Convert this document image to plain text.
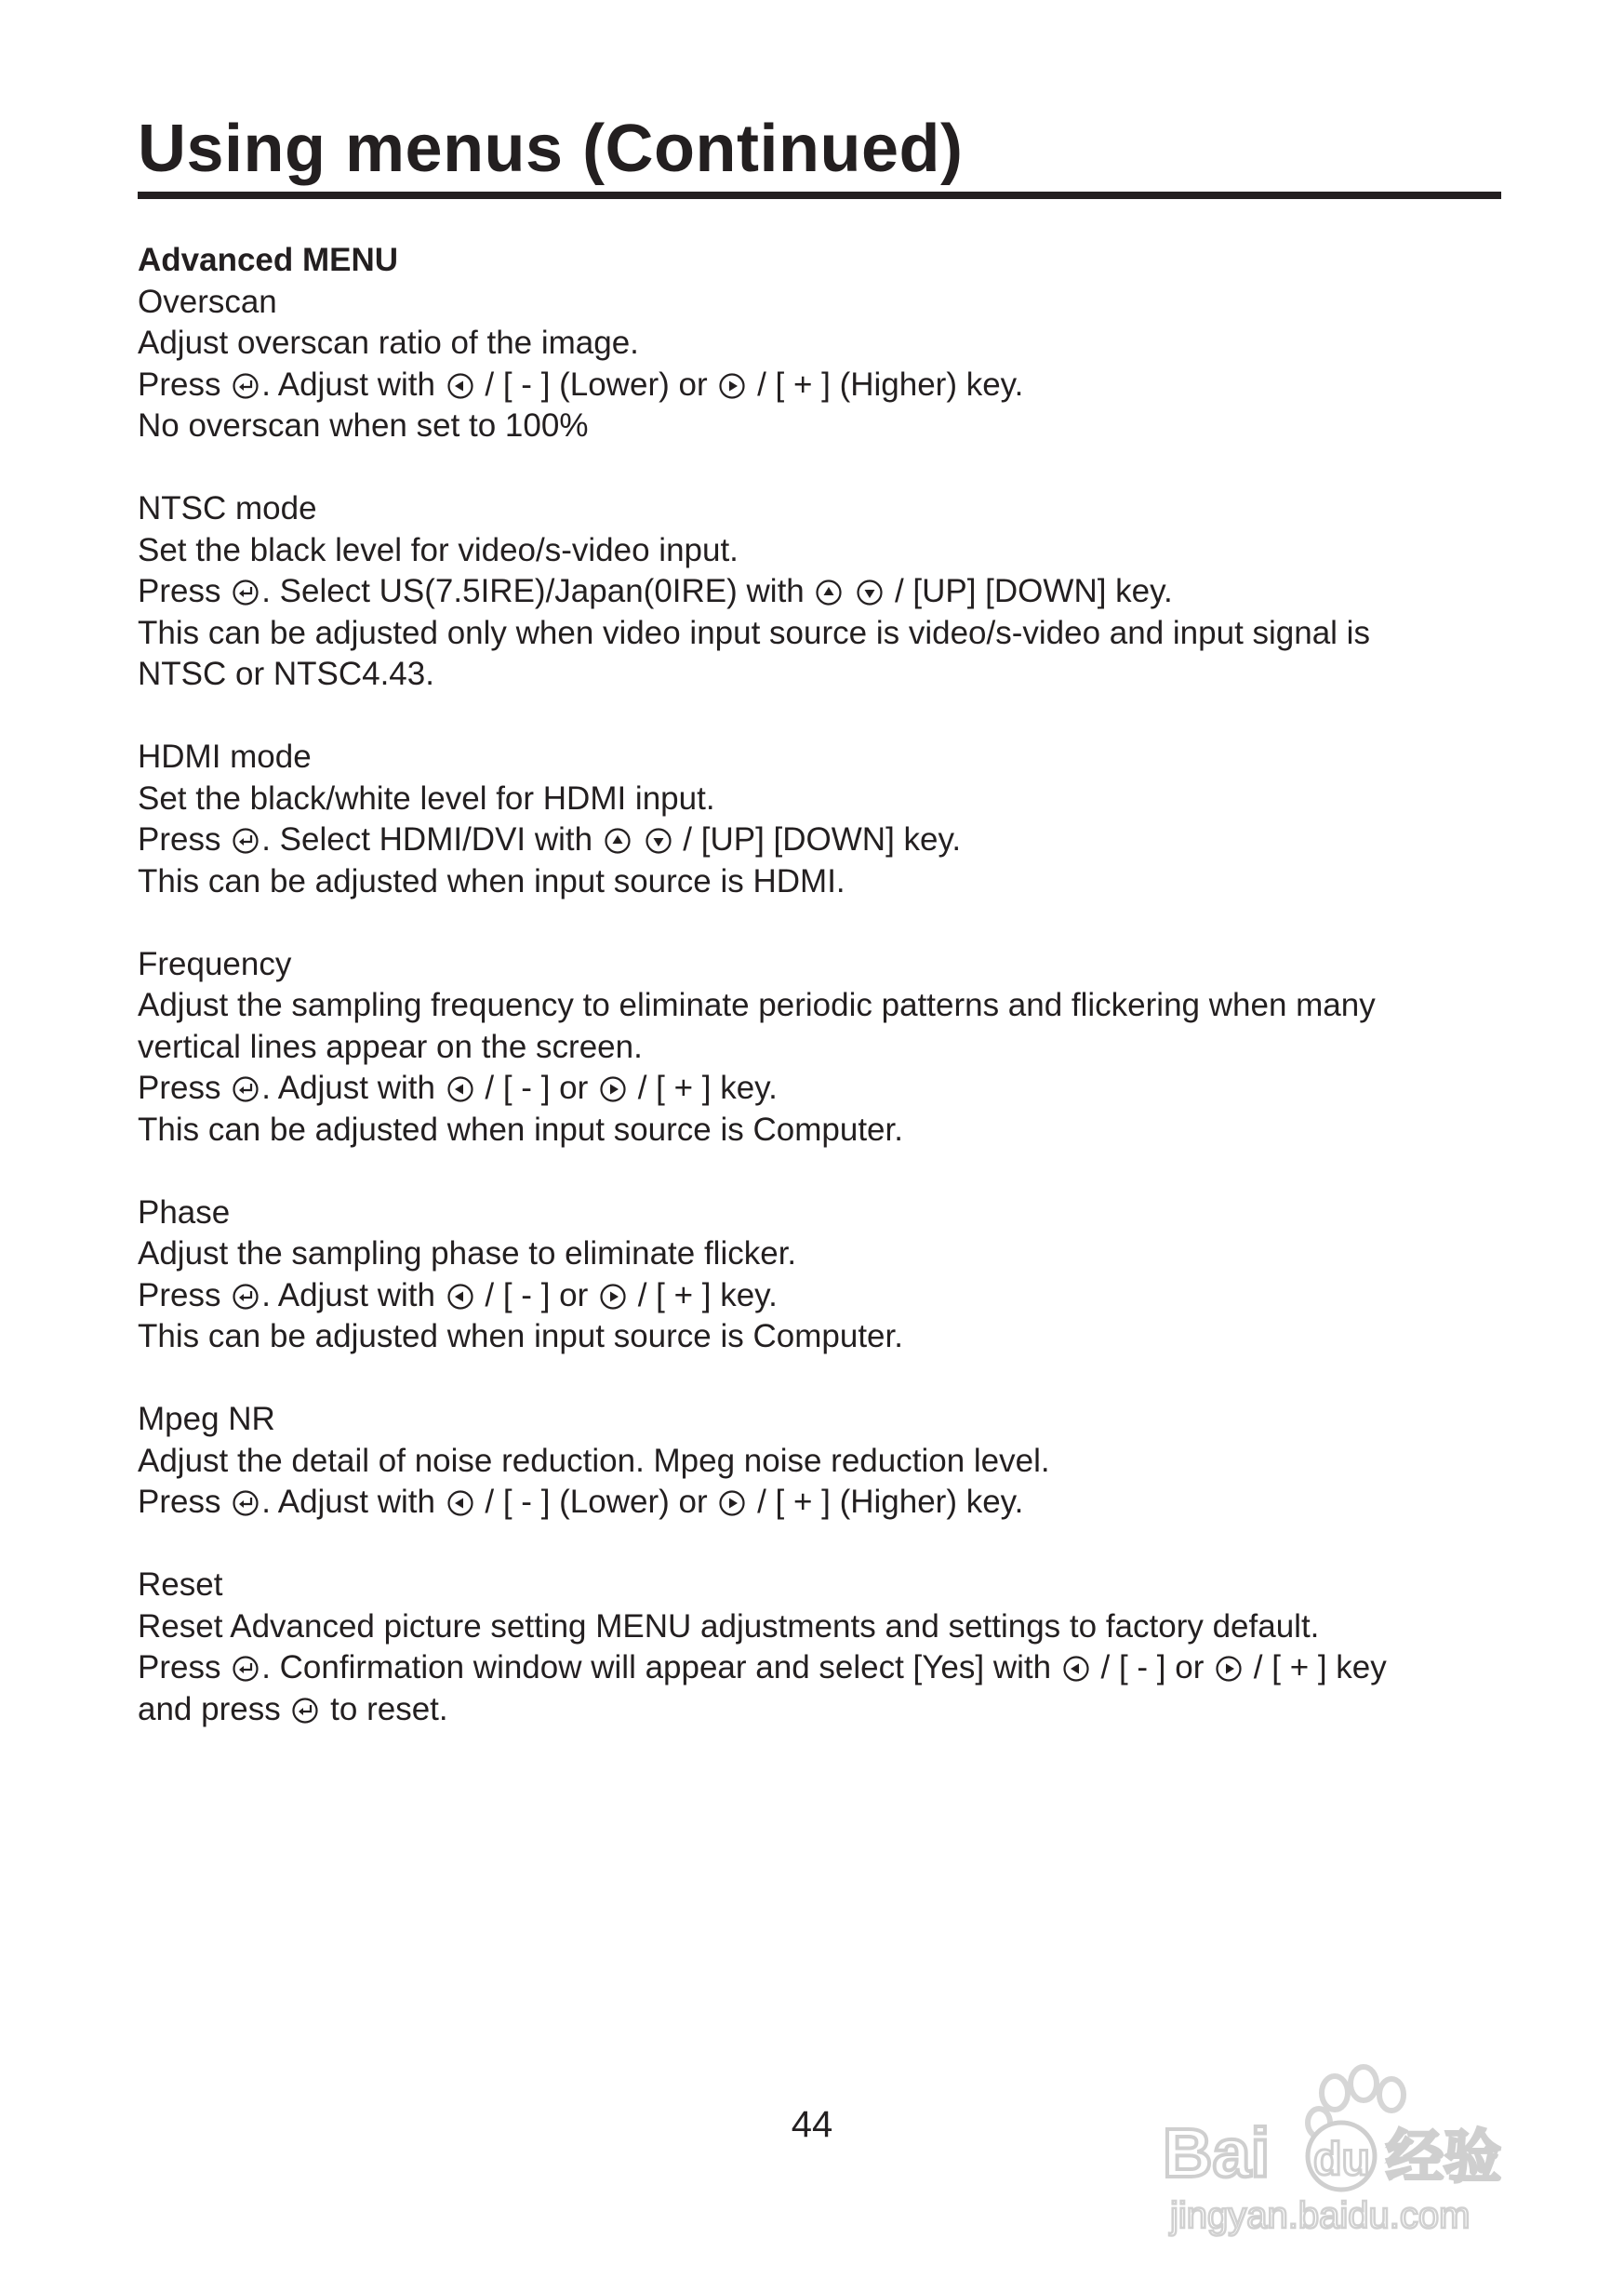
Using menus (Continued)
Advanced MENU
Overscan
Adjust overscan ratio of the image.
Press . Adjust with  / [ - ] (Lower) or  / [ + ] (Higher) key.
No overscan when set to 100%
NTSC mode
Set the black level for video/s-video input.
Press . Select US(7.5IRE)/Japan(0IRE) with   / [UP] [DOWN] key.
This can be adjusted only when video input source is video/s-video and input signal is
NTSC or NTSC4.43.
HDMI mode
Set the black/white level for HDMI input.
Press . Select HDMI/DVI with   / [UP] [DOWN] key.
This can be adjusted when input source is HDMI.
Frequency
Adjust the sampling frequency to eliminate periodic patterns and flickering when many
vertical lines appear on the screen.
Press . Adjust with  / [ - ] or  / [ + ] key.
This can be adjusted when input source is Computer.
Phase
Adjust the sampling phase to eliminate flicker.
Press . Adjust with  / [ - ] or  / [ + ] key.
This can be adjusted when input source is Computer.
Mpeg NR
Adjust the detail of noise reduction. Mpeg noise reduction level.
Press . Adjust with  / [ - ] (Lower) or  / [ + ] (Higher) key.
Reset
Reset Advanced picture setting MENU adjustments and settings to factory default.
Press . Confirmation window will appear and select [Yes] with  / [ - ] or  / [ + ] key
and press  to reset.
44	Bai du 经验
jingyan.baidu.com
